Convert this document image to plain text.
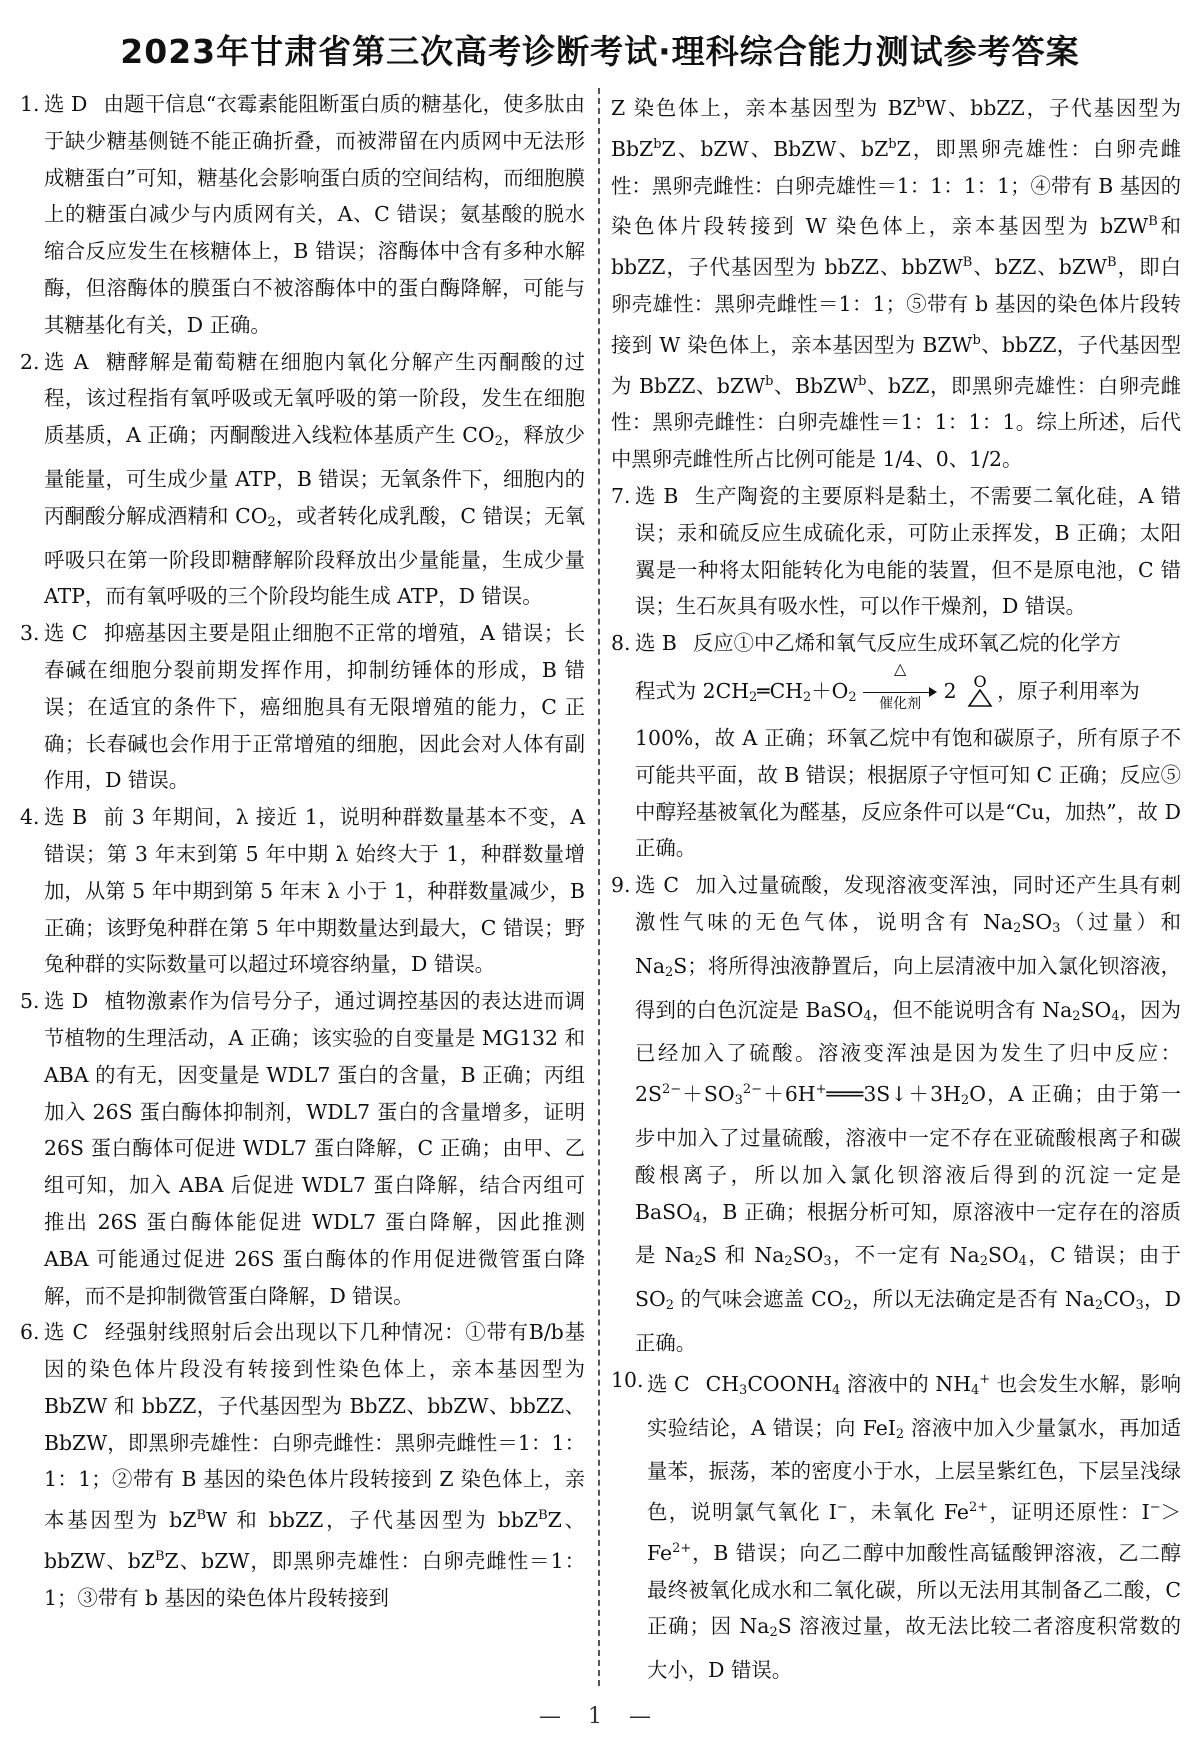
2023年甘肃省第三次高考诊断考试·理科综合能力测试参考答案

1. 选 D 由题干信息“衣霉素能阻断蛋白质的糖基化，使多肽由于缺少糖基侧链不能正确折叠，而被滞留在内质网中无法形成糖蛋白”可知，糖基化会影响蛋白质的空间结构，而细胞膜上的糖蛋白减少与内质网有关，A、C 错误；氨基酸的脱水缩合反应发生在核糖体上，B 错误；溶酶体中含有多种水解酶，但溶酶体的膜蛋白不被溶酶体中的蛋白酶降解，可能与其糖基化有关，D 正确。

2. 选 A 糖酵解是葡萄糖在细胞内氧化分解产生丙酮酸的过程，该过程指有氧呼吸或无氧呼吸的第一阶段，发生在细胞质基质，A 正确；丙酮酸进入线粒体基质产生 $CO_2$，释放少量能量，可生成少量 ATP，B 错误；无氧条件下，细胞内的丙酮酸分解成酒精和 $CO_2$，或者转化成乳酸，C 错误；无氧呼吸只在第一阶段即糖酵解阶段释放出少量能量，生成少量 ATP，而有氧呼吸的三个阶段均能生成 ATP，D 错误。

3. 选 C 抑癌基因主要是阻止细胞不正常的增殖，A 错误；长春碱在细胞分裂前期发挥作用，抑制纺锤体的形成，B 错误；在适宜的条件下，癌细胞具有无限增殖的能力，C 正确；长春碱也会作用于正常增殖的细胞，因此会对人体有副作用，D 错误。

4. 选 B 前 3 年期间，λ 接近 1，说明种群数量基本不变，A 错误；第 3 年末到第 5 年中期 λ 始终大于 1，种群数量增加，从第 5 年中期到第 5 年末 λ 小于 1，种群数量减少，B 正确；该野兔种群在第 5 年中期数量达到最大，C 错误；野兔种群的实际数量可以超过环境容纳量，D 错误。

5. 选 D 植物激素作为信号分子，通过调控基因的表达进而调节植物的生理活动，A 正确；该实验的自变量是 MG132 和 ABA 的有无，因变量是 WDL7 蛋白的含量，B 正确；丙组加入 26S 蛋白酶体抑制剂，WDL7 蛋白的含量增多，证明 26S 蛋白酶体可促进 WDL7 蛋白降解，C 正确；由甲、乙组可知，加入 ABA 后促进 WDL7 蛋白降解，结合丙组可推出 26S 蛋白酶体能促进 WDL7 蛋白降解，因此推测 ABA 可能通过促进 26S 蛋白酶体的作用促进微管蛋白降解，而不是抑制微管蛋白降解，D 错误。

6. 选 C 经强射线照射后会出现以下几种情况：①带有B/b基因的染色体片段没有转接到性染色体上，亲本基因型为 BbZW 和 bbZZ，子代基因型为 BbZZ、bbZW、bbZZ、BbZW，即黑卵壳雄性：白卵壳雌性：黑卵壳雌性＝1：1：1：1；②带有 B 基因的染色体片段转接到 Z 染色体上，亲本基因型为 $bZ^BW$ 和 bbZZ，子代基因型为 bbZ$^B$Z、bbZW、$bZ^BZ$、bZW，即黑卵壳雄性：白卵壳雌性＝1：1；③带有 b 基因的染色体片段转接到

Z 染色体上，亲本基因型为 $BZ^bW$、bbZZ，子代基因型为 BbZ$^b$Z、bZW、BbZW、$bZ^bZ$，即黑卵壳雄性：白卵壳雌性：黑卵壳雌性：白卵壳雄性＝1：1：1：1；④带有 B 基因的染色体片段转接到 W 染色体上，亲本基因型为 bZW$^B$和 bbZZ，子代基因型为 bbZZ、bbZW$^B$、bZZ、bZW$^B$，即白卵壳雄性：黑卵壳雌性＝1：1；⑤带有 b 基因的染色体片段转接到 W 染色体上，亲本基因型为 BZW$^b$、bbZZ，子代基因型为 BbZZ、bZW$^b$、BbZW$^b$、bZZ，即黑卵壳雄性：白卵壳雌性：黑卵壳雌性：白卵壳雄性＝1：1：1：1。综上所述，后代中黑卵壳雌性所占比例可能是 1/4、0、1/2。

7. 选 B 生产陶瓷的主要原料是黏土，不需要二氧化硅，A 错误；汞和硫反应生成硫化汞，可防止汞挥发，B 正确；太阳翼是一种将太阳能转化为电能的装置，但不是原电池，C 错误；生石灰具有吸水性，可以作干燥剂，D 错误。

8. 选 B 反应①中乙烯和氧气反应生成环氧乙烷的化学方
程式为 $2CH_2═CH_2+O_2$
△
催化剂
2 O ，原子利用率为
100%，故 A 正确；环氧乙烷中有饱和碳原子，所有原子不可能共平面，故 B 错误；根据原子守恒可知 C 正确；反应⑤中醇羟基被氧化为醛基，反应条件可以是“Cu，加热”，故 D 正确。

9. 选 C 加入过量硫酸，发现溶液变浑浊，同时还产生具有刺激性气味的无色气体，说明含有 $Na_2SO_3$（过量）和 $Na_2S$；将所得浊液静置后，向上层清液中加入氯化钡溶液，得到的白色沉淀是 BaSO$_4$，但不能说明含有 $Na_2SO_4$，因为已经加入了硫酸。溶液变浑浊是因为发生了归中反应：$2S^{2-}+SO_3^{2-}+6H^+═══3S↓+3H_2O$，A 正确；由于第一步中加入了过量硫酸，溶液中一定不存在亚硫酸根离子和碳酸根离子，所以加入氯化钡溶液后得到的沉淀一定是 BaSO$_4$，B 正确；根据分析可知，原溶液中一定存在的溶质是 $Na_2S$ 和 $Na_2SO_3$，不一定有 $Na_2SO_4$，C 错误；由于 $SO_2$ 的气味会遮盖 $CO_2$，所以无法确定是否有 $Na_2CO_3$，D 正确。

10. 选 C $CH_3COONH_4$ 溶液中的 $NH_4^+$ 也会发生水解，影响实验结论，A 错误；向 FeI$_2$ 溶液中加入少量氯水，再加适量苯，振荡，苯的密度小于水，上层呈紫红色，下层呈浅绿色，说明氯气氧化 I−，未氧化 $Fe^{2+}$，证明还原性：$I^->Fe^{2+}$，B 错误；向乙二醇中加酸性高锰酸钾溶液，乙二醇最终被氧化成水和二氧化碳，所以无法用其制备乙二酸，C 正确；因 $Na_2S$ 溶液过量，故无法比较二者溶度积常数的大小，D 错误。

— 1 —
